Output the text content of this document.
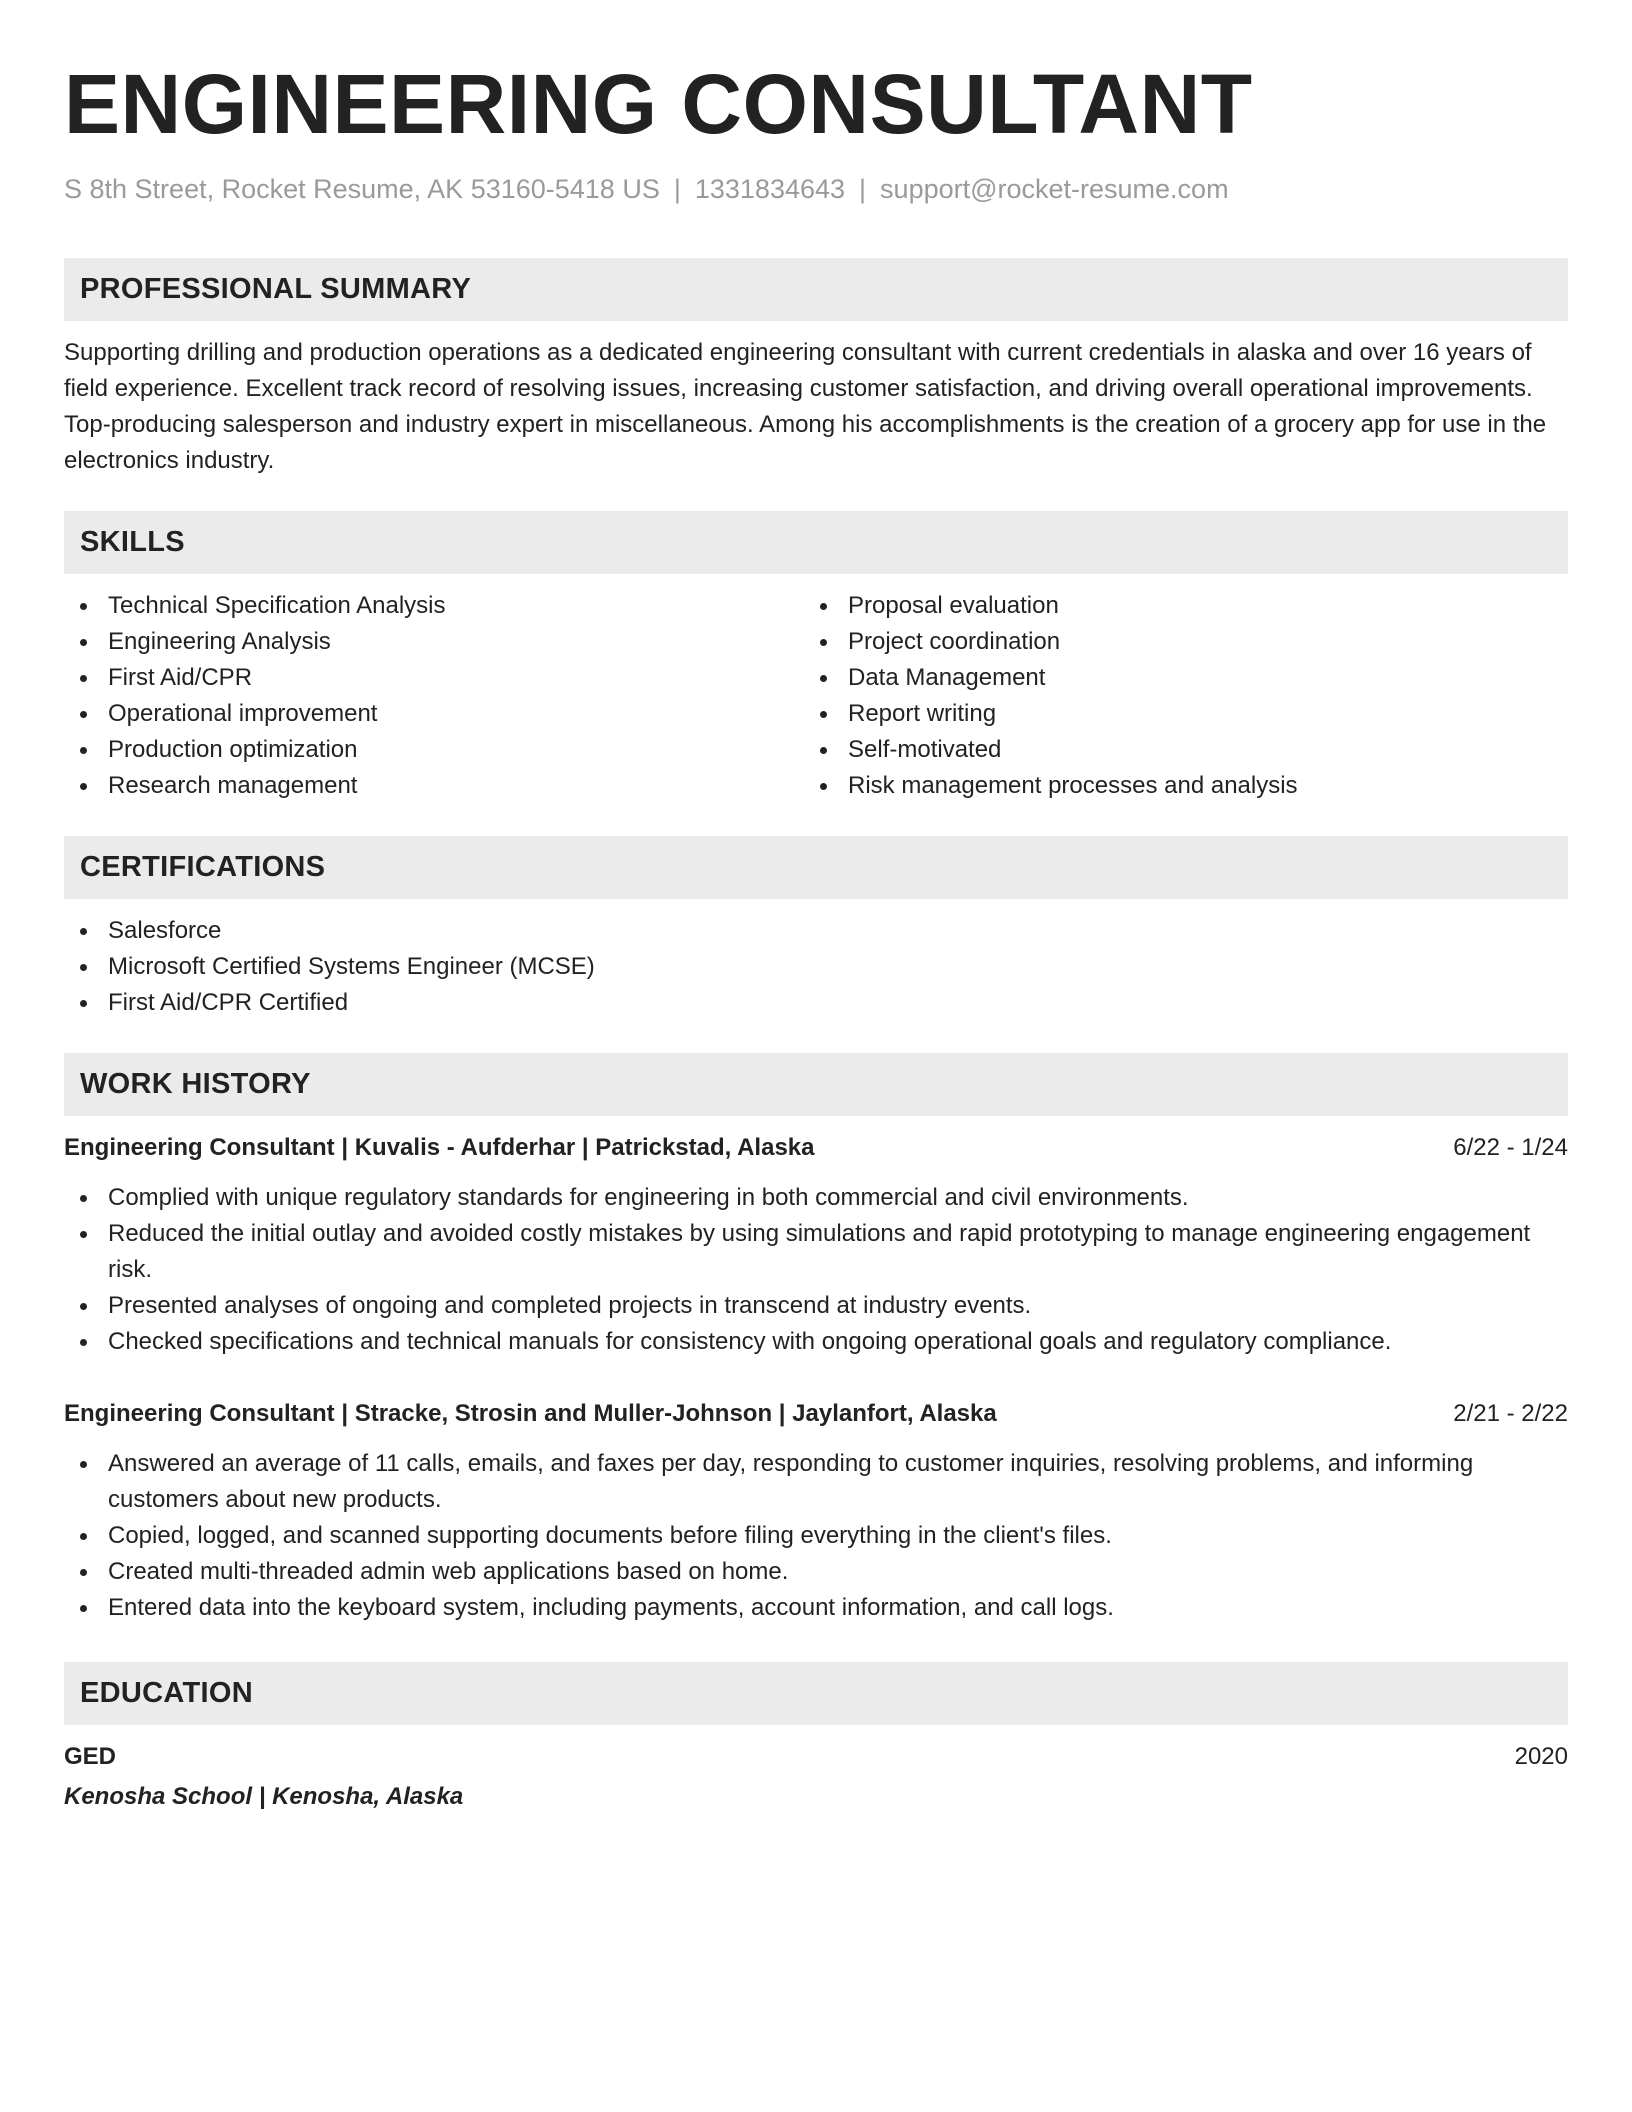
ENGINEERING CONSULTANT
S 8th Street, Rocket Resume, AK 53160-5418 US | 1331834643 | support@rocket-resume.com
PROFESSIONAL SUMMARY
Supporting drilling and production operations as a dedicated engineering consultant with current credentials in alaska and over 16 years of field experience. Excellent track record of resolving issues, increasing customer satisfaction, and driving overall operational improvements. Top-producing salesperson and industry expert in miscellaneous. Among his accomplishments is the creation of a grocery app for use in the electronics industry.
SKILLS
Technical Specification Analysis
Engineering Analysis
First Aid/CPR
Operational improvement
Production optimization
Research management
Proposal evaluation
Project coordination
Data Management
Report writing
Self-motivated
Risk management processes and analysis
CERTIFICATIONS
Salesforce
Microsoft Certified Systems Engineer (MCSE)
First Aid/CPR Certified
WORK HISTORY
Engineering Consultant | Kuvalis - Aufderhar | Patrickstad, Alaska	6/22 - 1/24
Complied with unique regulatory standards for engineering in both commercial and civil environments.
Reduced the initial outlay and avoided costly mistakes by using simulations and rapid prototyping to manage engineering engagement risk.
Presented analyses of ongoing and completed projects in transcend at industry events.
Checked specifications and technical manuals for consistency with ongoing operational goals and regulatory compliance.
Engineering Consultant | Stracke, Strosin and Muller-Johnson | Jaylanfort, Alaska	2/21 - 2/22
Answered an average of 11 calls, emails, and faxes per day, responding to customer inquiries, resolving problems, and informing customers about new products.
Copied, logged, and scanned supporting documents before filing everything in the client's files.
Created multi-threaded admin web applications based on home.
Entered data into the keyboard system, including payments, account information, and call logs.
EDUCATION
GED	2020
Kenosha School | Kenosha, Alaska
